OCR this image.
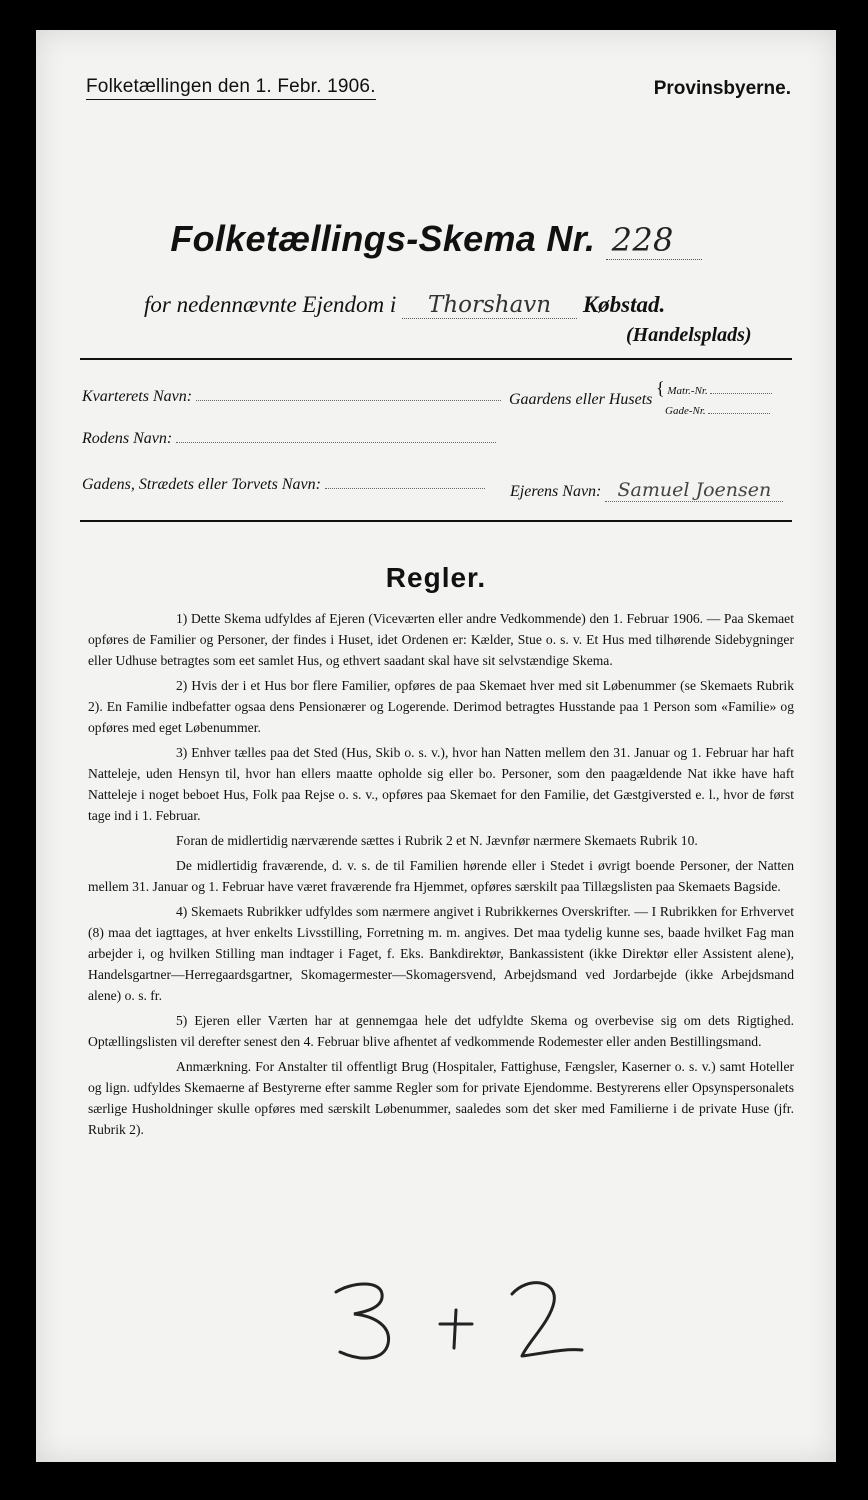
Folketællingen den 1. Febr. 1906.	Provinsbyerne.
Folketællings-Skema Nr. 228
for nedennævnte Ejendom i Thorshavn Købstad.
(Handelsplads)
Kvarterets Navn:	Gaardens eller Husets
{ Matr.-Nr.
Gade-Nr.
Rodens Navn:
Gadens, Strædets eller Torvets Navn:	Ejerens Navn: Samuel Joensen
Regler.

1) Dette Skema udfyldes af Ejeren (Viceværten eller andre Vedkommende) den 1. Februar 1906. — Paa Skemaet opføres de Familier og Personer, der findes i Huset, idet Ordenen er: Kælder, Stue o. s. v. Et Hus med tilhørende Sidebygninger eller Udhuse betragtes som eet samlet Hus, og ethvert saadant skal have sit selvstændige Skema.

2) Hvis der i et Hus bor flere Familier, opføres de paa Skemaet hver med sit Løbenummer (se Skemaets Rubrik 2). En Familie indbefatter ogsaa dens Pensionærer og Logerende. Derimod betragtes Husstande paa 1 Person som «Familie» og opføres med eget Løbenummer.

3) Enhver tælles paa det Sted (Hus, Skib o. s. v.), hvor han Natten mellem den 31. Januar og 1. Februar har haft Natteleje, uden Hensyn til, hvor han ellers maatte opholde sig eller bo. Personer, som den paagældende Nat ikke have haft Natteleje i noget beboet Hus, Folk paa Rejse o. s. v., opføres paa Skemaet for den Familie, det Gæstgiversted e. l., hvor de først tage ind i 1. Februar.

Foran de midlertidig nærværende sættes i Rubrik 2 et N. Jævnfør nærmere Skemaets Rubrik 10.

De midlertidig fraværende, d. v. s. de til Familien hørende eller i Stedet i øvrigt boende Personer, der Natten mellem 31. Januar og 1. Februar have været fraværende fra Hjemmet, opføres særskilt paa Tillægslisten paa Skemaets Bagside.

4) Skemaets Rubrikker udfyldes som nærmere angivet i Rubrikkernes Overskrifter. — I Rubrikken for Erhvervet (8) maa det iagttages, at hver enkelts Livsstilling, Forretning m. m. angives. Det maa tydelig kunne ses, baade hvilket Fag man arbejder i, og hvilken Stilling man indtager i Faget, f. Eks. Bankdirektør, Bankassistent (ikke Direktør eller Assistent alene), Handelsgartner—Herregaardsgartner, Skomagermester—Skomagersvend, Arbejdsmand ved Jordarbejde (ikke Arbejdsmand alene) o. s. fr.

5) Ejeren eller Værten har at gennemgaa hele det udfyldte Skema og overbevise sig om dets Rigtighed. Optællingslisten vil derefter senest den 4. Februar blive afhentet af vedkommende Rodemester eller anden Bestillingsmand.

Anmærkning. For Anstalter til offentligt Brug (Hospitaler, Fattighuse, Fængsler, Kaserner o. s. v.) samt Hoteller og lign. udfyldes Skemaerne af Bestyrerne efter samme Regler som for private Ejendomme. Bestyrerens eller Opsynspersonalets særlige Husholdninger skulle opføres med særskilt Løbenummer, saaledes som det sker med Familierne i de private Huse (jfr. Rubrik 2).
